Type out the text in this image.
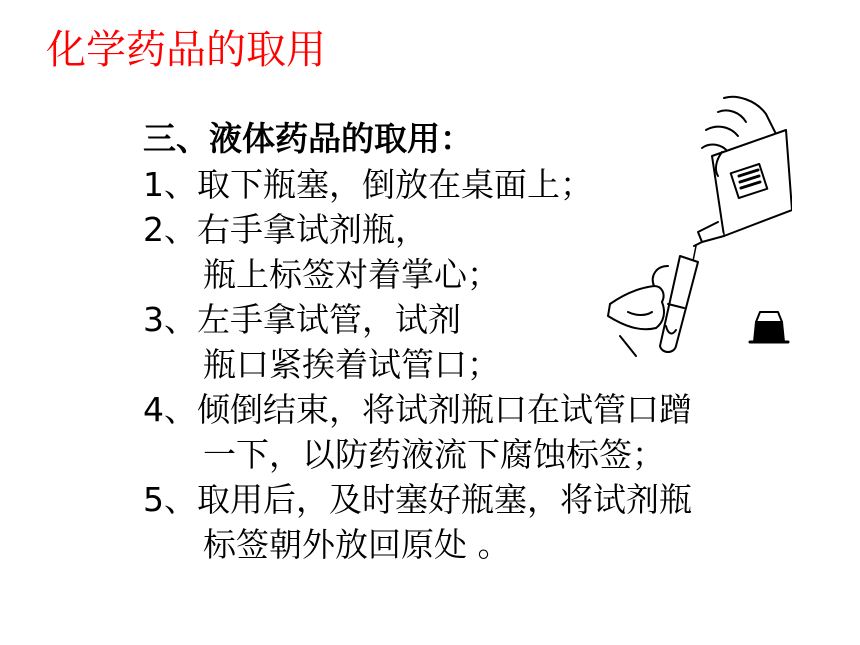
化学药品的取用
三、液体药品的取用：
1、取下瓶塞，倒放在桌面上；
2、右手拿试剂瓶，
瓶上标签对着掌心；
3、左手拿试管，试剂
瓶口紧挨着试管口；
4、倾倒结束，将试剂瓶口在试管口蹭
一下，以防药液流下腐蚀标签；
5、取用后，及时塞好瓶塞，将试剂瓶
标签朝外放回原处 。
